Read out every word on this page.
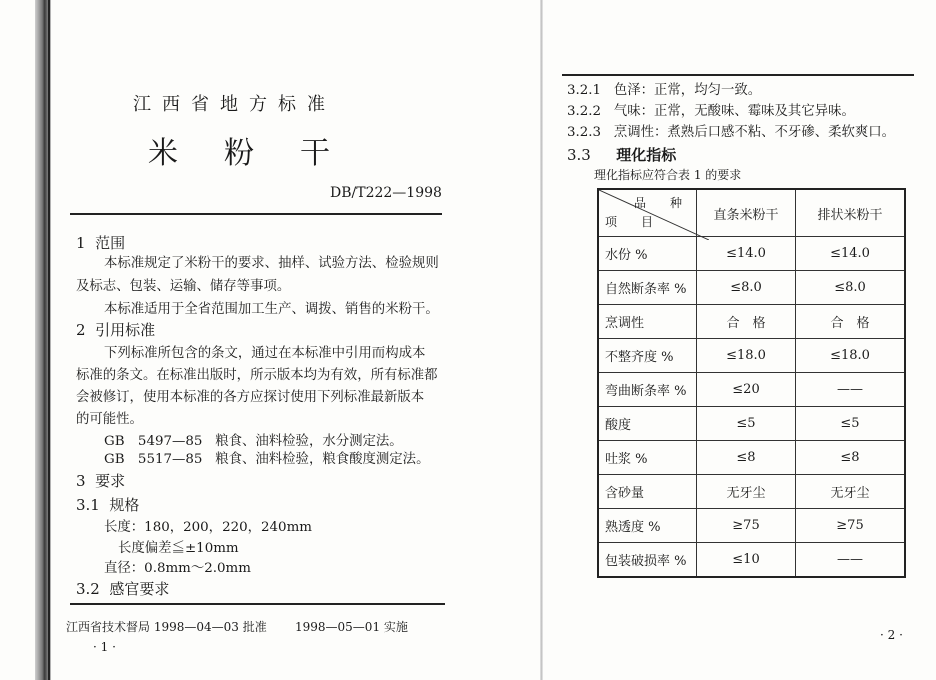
江西省地方标准
米粉干
DB/T222—1998
1 范围
本标准规定了米粉干的要求、抽样、试验方法、检验规则
及标志、包装、运输、储存等事项。
本标准适用于全省范围加工生产、调拨、销售的米粉干。
2 引用标准
下列标准所包含的条文，通过在本标准中引用而构成本
标准的条文。在标准出版时，所示版本均为有效，所有标准都
会被修订，使用本标准的各方应探讨使用下列标准最新版本
的可能性。
GB　5497—85 粮食、油料检验，水分测定法。
GB　5517—85 粮食、油料检验，粮食酸度测定法。
3 要求
3.1 规格
长度：180，200，220，240mm
长度偏差≦±10mm
直径：0.8mm～2.0mm
3.2 感官要求
江西省技术督局 1998—04—03 批准 1998—05—01 实施
· 1 ·
3.2.1 色泽：正常，均匀一致。
3.2.2 气味：正常，无酸味、霉味及其它异味。
3.2.3 烹调性：煮熟后口感不粘、不牙碜、柔软爽口。
3.3 理化指标
理化指标应符合表 1 的要求
品　种
项　目	直条米粉干	排状米粉干
水份 %	≤14.0	≤14.0
自然断条率 %	≤8.0	≤8.0
烹调性	合　格	合　格
不整齐度 %	≤18.0	≤18.0
弯曲断条率 %	≤20	——
酸度	≤5	≤5
吐浆 %	≤8	≤8
含砂量	无牙尘	无牙尘
熟透度 %	≥75	≥75
包装破损率 %	≤10	——
· 2 ·
